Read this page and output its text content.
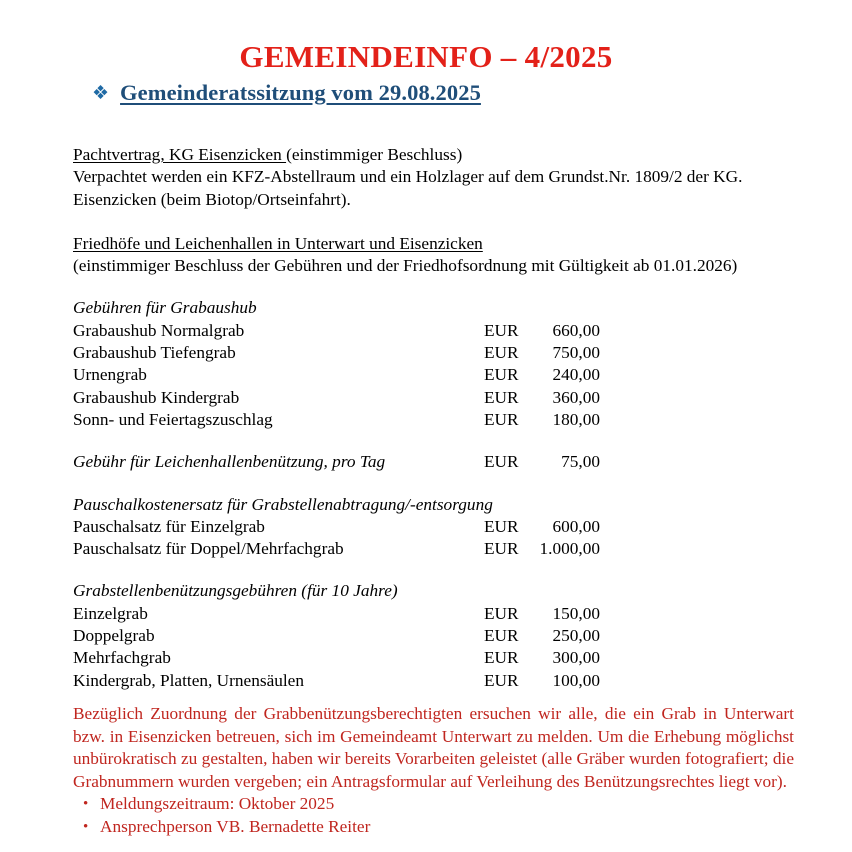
GEMEINDEINFO – 4/2025
❖ Gemeinderatssitzung vom 29.08.2025

Pachtvertrag, KG Eisenzicken (einstimmiger Beschluss)

Verpachtet werden ein KFZ-Abstellraum und ein Holzlager auf dem Grundst.Nr. 1809/2 der KG. Eisenzicken (beim Biotop/Ortseinfahrt).

Friedhöfe und Leichenhallen in Unterwart und Eisenzicken

(einstimmiger Beschluss der Gebühren und der Friedhofsordnung mit Gültigkeit ab 01.01.2026)

Gebühren für Grabaushub

Grabaushub Normalgrab	EUR	660,00
Grabaushub Tiefengrab	EUR	750,00
Urnengrab	EUR	240,00
Grabaushub Kindergrab	EUR	360,00
Sonn- und Feiertagszuschlag	EUR	180,00
Gebühr für Leichenhallenbenützung, pro Tag	EUR	75,00

Pauschalkostenersatz für Grabstellenabtragung/-entsorgung

Pauschalsatz für Einzelgrab	EUR	600,00
Pauschalsatz für Doppel/Mehrfachgrab	EUR	1.000,00

Grabstellenbenützungsgebühren (für 10 Jahre)

Einzelgrab	EUR	150,00
Doppelgrab	EUR	250,00
Mehrfachgrab	EUR	300,00
Kindergrab, Platten, Urnensäulen	EUR	100,00

Bezüglich Zuordnung der Grabbenützungsberechtigten ersuchen wir alle, die ein Grab in Unterwart bzw. in Eisenzicken betreuen, sich im Gemeindeamt Unterwart zu melden. Um die Erhebung möglichst unbürokratisch zu gestalten, haben wir bereits Vorarbeiten geleistet (alle Gräber wurden fotografiert; die Grabnummern wurden vergeben; ein Antragsformular auf Verleihung des Benützungsrechtes liegt vor).

• Meldungszeitraum: Oktober 2025
• Ansprechperson VB. Bernadette Reiter
